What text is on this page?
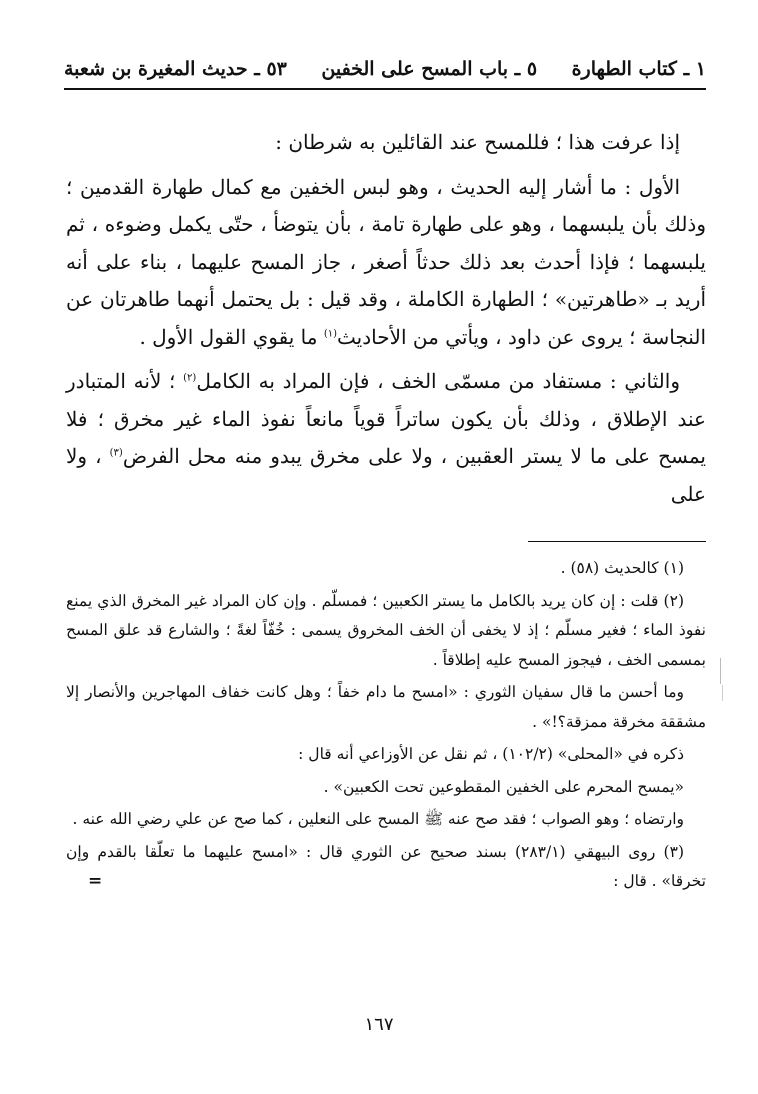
١ ـ كتاب الطهارة
٥ ـ باب المسح على الخفين
٥٣ ـ حديث المغيرة بن شعبة

إذا عرفت هذا ؛ فللمسح عند القائلين به شرطان :

الأول : ما أشار إليه الحديث ، وهو لبس الخفين مع كمال طهارة القدمين ؛ وذلك بأن يلبسهما ، وهو على طهارة تامة ، بأن يتوضأ ، حتّى يكمل وضوءه ، ثم يلبسهما ؛ فإذا أحدث بعد ذلك حدثاً أصغر ، جاز المسح عليهما ، بناء على أنه أريد بـ «طاهرتين» ؛ الطهارة الكاملة ، وقد قيل : بل يحتمل أنهما طاهرتان عن النجاسة ؛ يروى عن داود ، ويأتي من الأحاديث$^{(١)}$ ما يقوي القول الأول .

والثاني : مستفاد من مسمّى الخف ، فإن المراد به الكامل$^{(٢)}$ ؛ لأنه المتبادر عند الإطلاق ، وذلك بأن يكون ساتراً قوياً مانعاً نفوذ الماء غير مخرق ؛ فلا يمسح على ما لا يستر العقبين ، ولا على مخرق يبدو منه محل الفرض$^{(٣)}$ ، ولا على

(١) كالحديث (٥٨) .

(٢) قلت : إن كان يريد بالكامل ما يستر الكعبين ؛ فمسلّم . وإن كان المراد غير المخرق الذي يمنع نفوذ الماء ؛ فغير مسلّم ؛ إذ لا يخفى أن الخف المخروق يسمى : خُفّاً لغةً ؛ والشارع قد علق المسح بمسمى الخف ، فيجوز المسح عليه إطلاقاً .

وما أحسن ما قال سفيان الثوري : «امسح ما دام خفاً ؛ وهل كانت خفاف المهاجرين والأنصار إلا مشققة مخرقة ممزقة؟!» .

ذكره في «المحلى» (١٠٢/٢) ، ثم نقل عن الأوزاعي أنه قال :

«يمسح المحرم على الخفين المقطوعين تحت الكعبين» .

وارتضاه ؛ وهو الصواب ؛ فقد صح عنه ﷺ المسح على النعلين ، كما صح عن علي رضي الله عنه .

(٣) روى البيهقي (٢٨٣/١) بسند صحيح عن الثوري قال : «امسح عليهما ما تعلّقا بالقدم وإن تخرقا» . قال :
=

١٦٧
